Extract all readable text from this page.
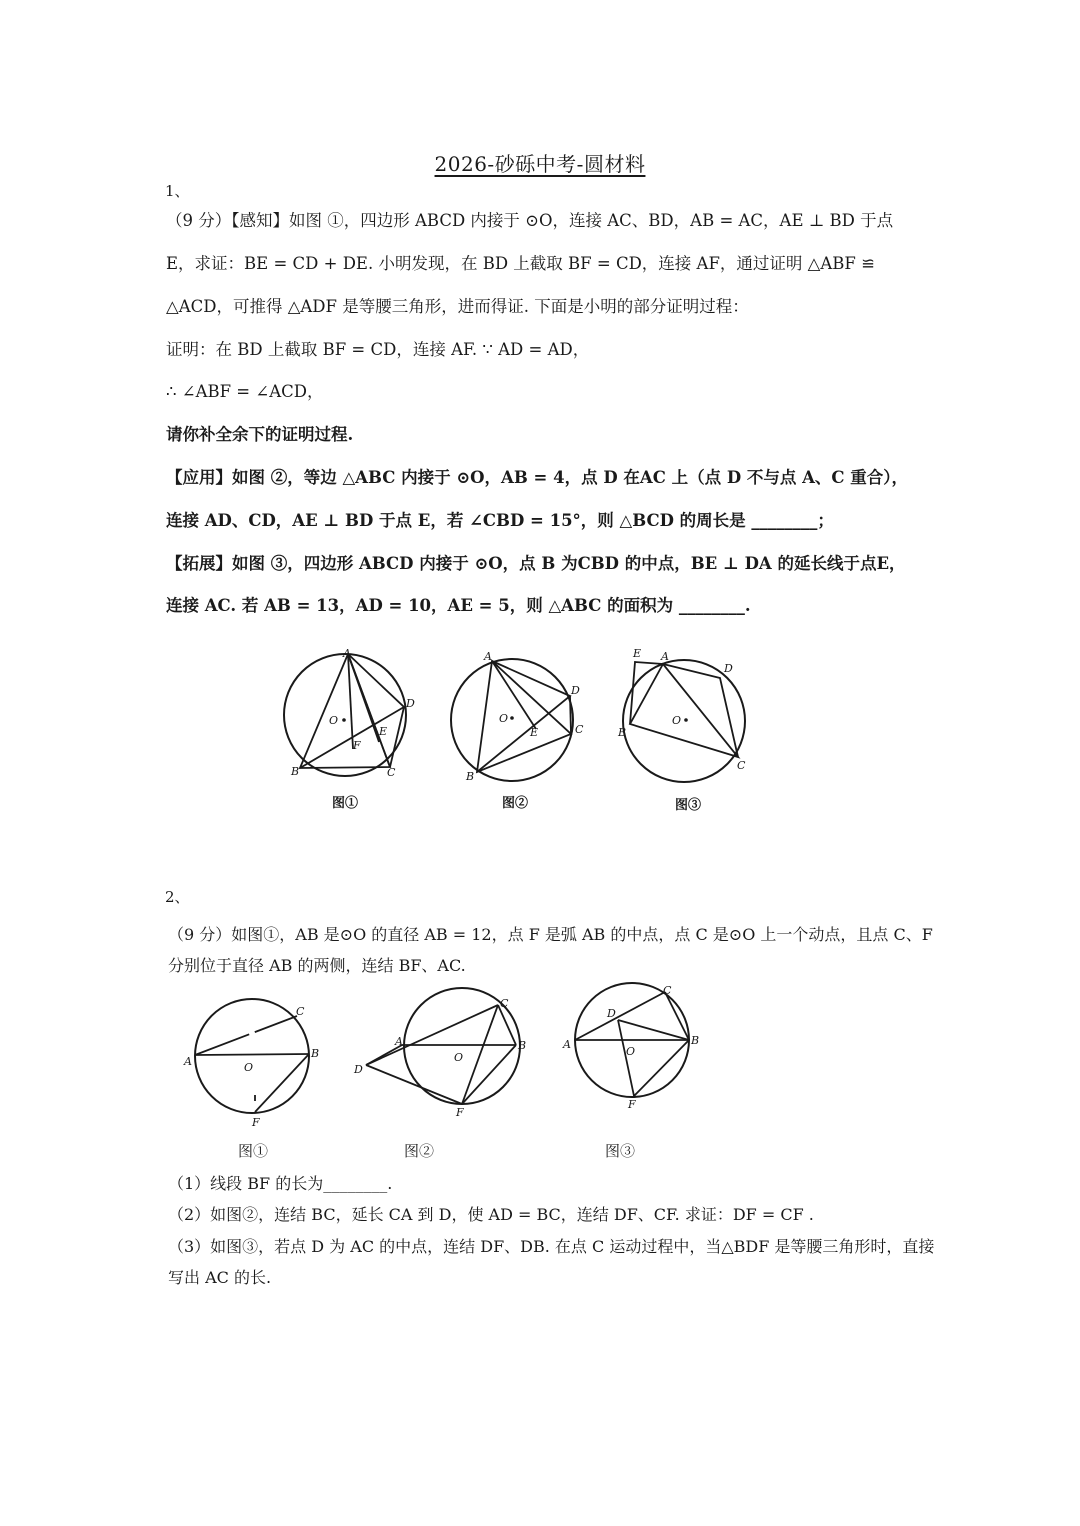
2026-砂砾中考-圆材料
1、
（9 分）【感知】如图 ①，四边形 ABCD 内接于 ⊙O，连接 AC、BD，AB = AC，AE ⊥ BD 于点
E，求证：BE = CD + DE. 小明发现，在 BD 上截取 BF = CD，连接 AF，通过证明 △ABF ≌
△ACD，可推得 △ADF 是等腰三角形，进而得证. 下面是小明的部分证明过程：
证明：在 BD 上截取 BF = CD，连接 AF. ∵ AD = AD，
∴ ∠ABF = ∠ACD，
请你补全余下的证明过程.
【应用】如图 ②，等边 △ABC 内接于 ⊙O，AB = 4，点 D 在AC 上（点 D 不与点 A、C 重合），
连接 AD、CD，AE ⊥ BD 于点 E，若 ∠CBD = 15°，则 △BCD 的周长是 ________；
【拓展】如图 ③，四边形 ABCD 内接于 ⊙O，点 B 为CBD 的中点，BE ⊥ DA 的延长线于点E，
连接 AC. 若 AB = 13，AD = 10，AE = 5，则 △ABC 的面积为 ________.
A
B	C
D
E
F
O
图①
A
B
C
D
E
O
图②
E A
D
B
C
O
图③
2、
（9 分）如图①，AB 是⊙O 的直径 AB = 12，点 F 是弧 AB 的中点，点 C 是⊙O 上一个动点，且点 C、F
分别位于直径 AB 的两侧，连结 BF、AC.
A
B
C
F
O
图①
A	B
C
D
F
O
图②
A	B
C
D
F
O
图③
（1）线段 BF 的长为________.
（2）如图②，连结 BC，延长 CA 到 D，使 AD = BC，连结 DF、CF. 求证：DF = CF .
（3）如图③，若点 D 为 AC 的中点，连结 DF、DB. 在点 C 运动过程中，当△BDF 是等腰三角形时，直接
写出 AC 的长.
